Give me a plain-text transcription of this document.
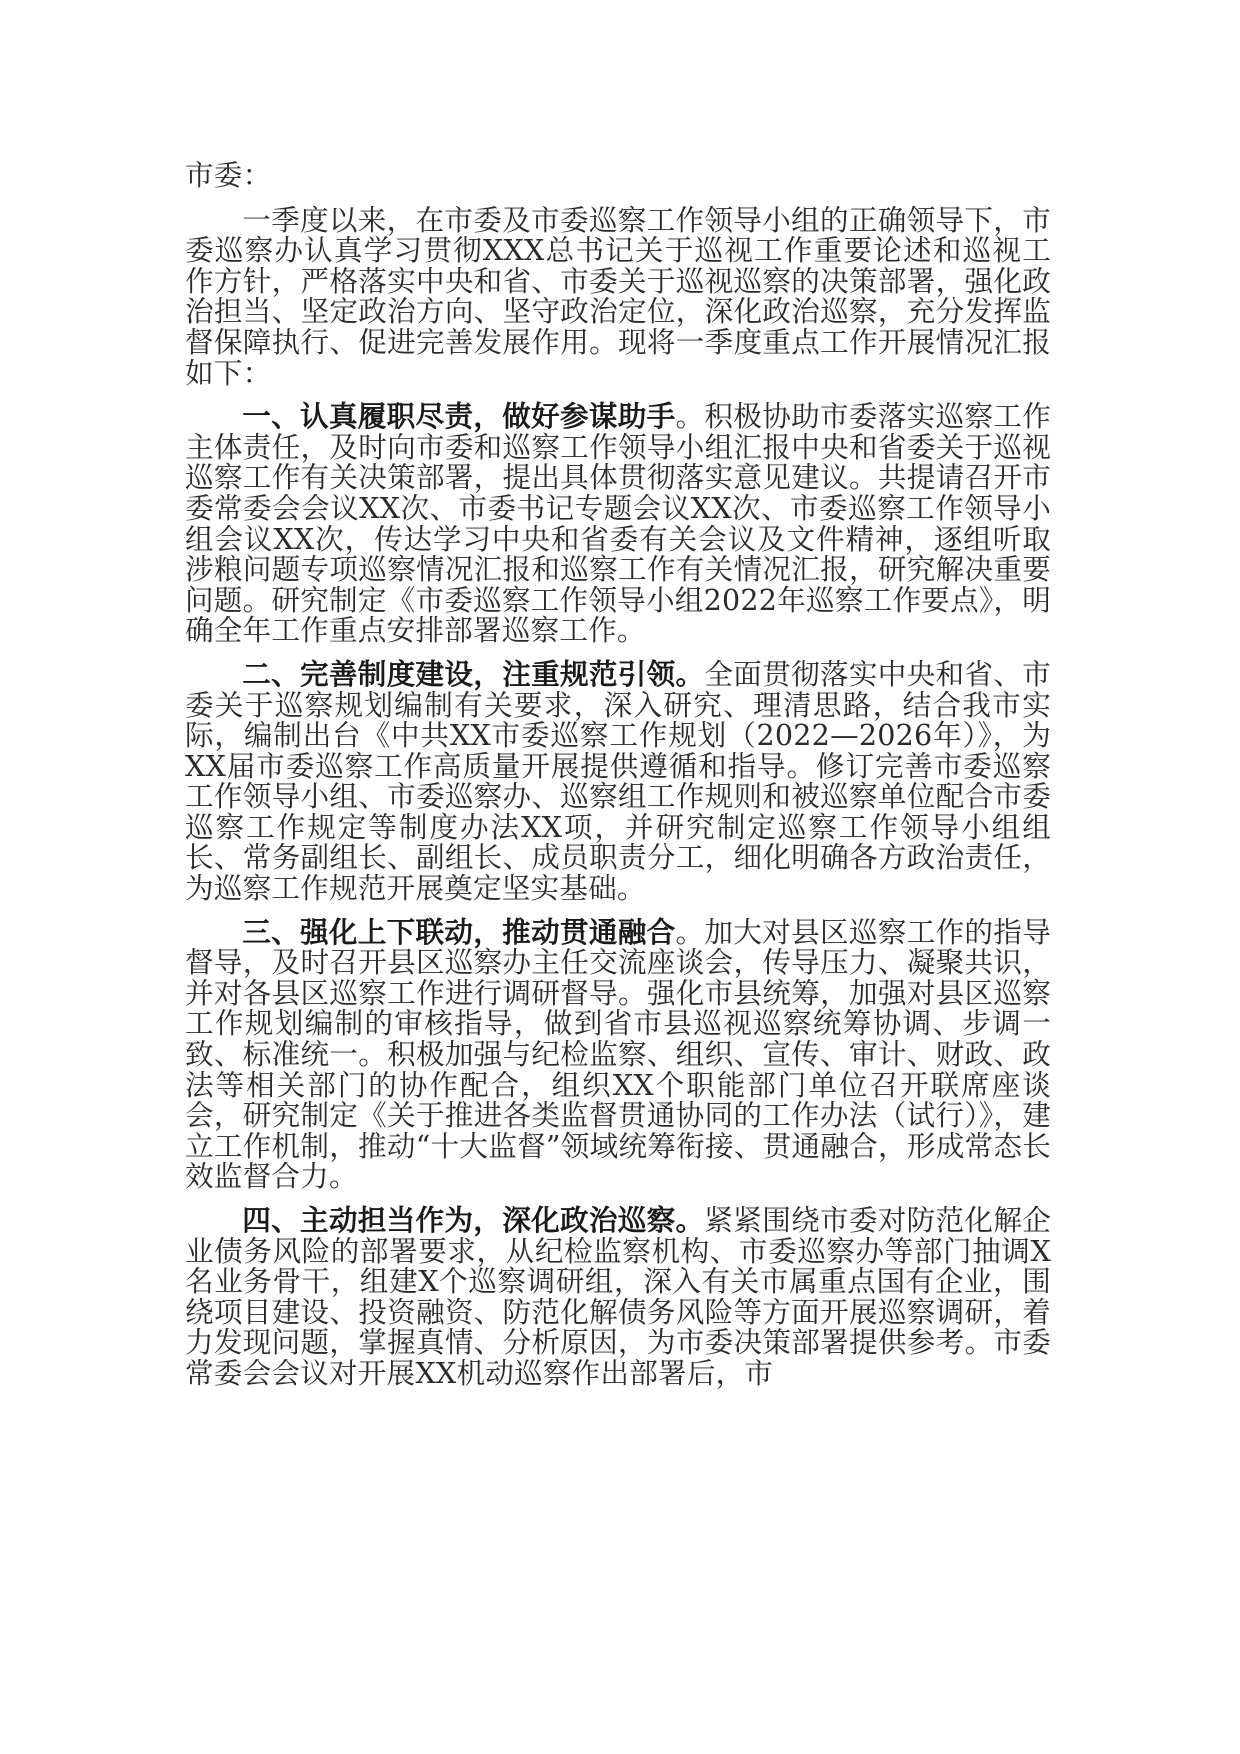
市委：

一季度以来，在市委及市委巡察工作领导小组的正确领导下，市委巡察办认真学习贯彻XXX总书记关于巡视工作重要论述和巡视工作方针，严格落实中央和省、市委关于巡视巡察的决策部署，强化政治担当、坚定政治方向、坚守政治定位，深化政治巡察，充分发挥监督保障执行、促进完善发展作用。现将一季度重点工作开展情况汇报如下：

一、认真履职尽责，做好参谋助手。积极协助市委落实巡察工作主体责任，及时向市委和巡察工作领导小组汇报中央和省委关于巡视巡察工作有关决策部署，提出具体贯彻落实意见建议。共提请召开市委常委会会议XX次、市委书记专题会议XX次、市委巡察工作领导小组会议XX次，传达学习中央和省委有关会议及文件精神，逐组听取涉粮问题专项巡察情况汇报和巡察工作有关情况汇报，研究解决重要问题。研究制定《市委巡察工作领导小组2022年巡察工作要点》，明确全年工作重点安排部署巡察工作。

二、完善制度建设，注重规范引领。全面贯彻落实中央和省、市委关于巡察规划编制有关要求，深入研究、理清思路，结合我市实际，编制出台《中共XX市委巡察工作规划（2022—2026年）》，为XX届市委巡察工作高质量开展提供遵循和指导。修订完善市委巡察工作领导小组、市委巡察办、巡察组工作规则和被巡察单位配合市委巡察工作规定等制度办法XX项，并研究制定巡察工作领导小组组长、常务副组长、副组长、成员职责分工，细化明确各方政治责任，为巡察工作规范开展奠定坚实基础。

三、强化上下联动，推动贯通融合。加大对县区巡察工作的指导督导，及时召开县区巡察办主任交流座谈会，传导压力、凝聚共识，并对各县区巡察工作进行调研督导。强化市县统筹，加强对县区巡察工作规划编制的审核指导，做到省市县巡视巡察统筹协调、步调一致、标准统一。积极加强与纪检监察、组织、宣传、审计、财政、政法等相关部门的协作配合，组织XX个职能部门单位召开联席座谈会，研究制定《关于推进各类监督贯通协同的工作办法（试行）》，建立工作机制，推动“十大监督”领域统筹衔接、贯通融合，形成常态长效监督合力。

四、主动担当作为，深化政治巡察。紧紧围绕市委对防范化解企业债务风险的部署要求，从纪检监察机构、市委巡察办等部门抽调X名业务骨干，组建X个巡察调研组，深入有关市属重点国有企业，围绕项目建设、投资融资、防范化解债务风险等方面开展巡察调研，着力发现问题，掌握真情、分析原因，为市委决策部署提供参考。市委常委会会议对开展XX机动巡察作出部署后，市
